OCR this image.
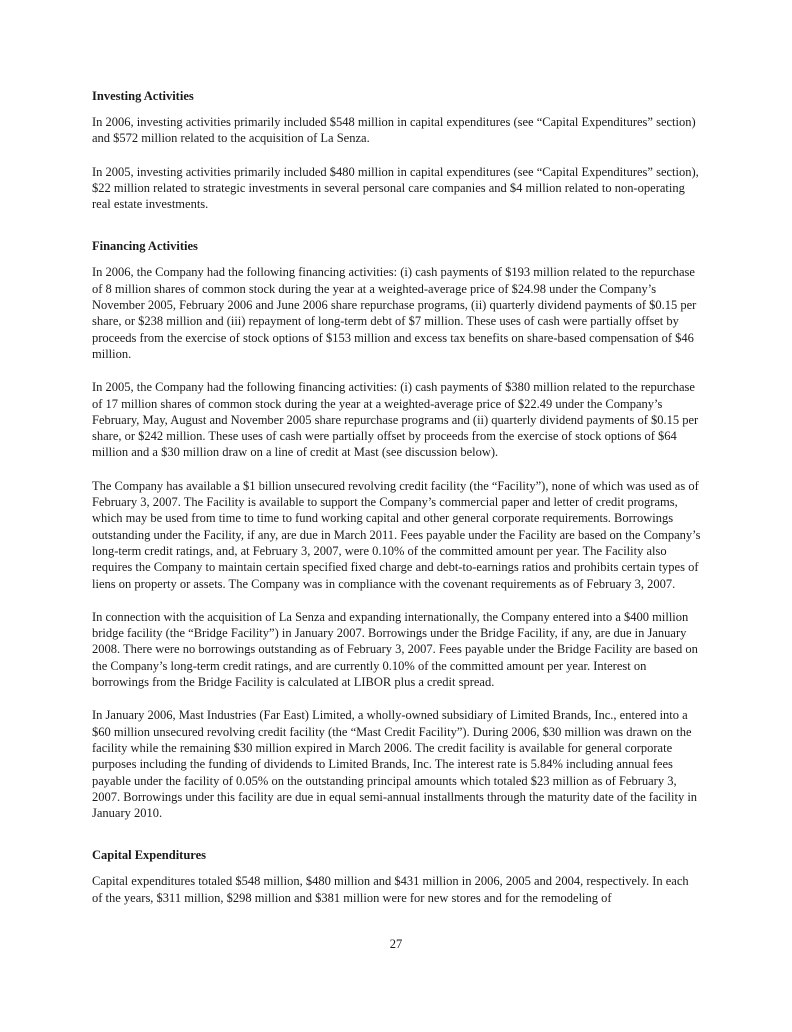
Investing Activities

In 2006, investing activities primarily included $548 million in capital expenditures (see “Capital Expenditures” section) and $572 million related to the acquisition of La Senza.

In 2005, investing activities primarily included $480 million in capital expenditures (see “Capital Expenditures” section), $22 million related to strategic investments in several personal care companies and $4 million related to non-operating real estate investments.

Financing Activities

In 2006, the Company had the following financing activities: (i) cash payments of $193 million related to the repurchase of 8 million shares of common stock during the year at a weighted-average price of $24.98 under the Company’s November 2005, February 2006 and June 2006 share repurchase programs, (ii) quarterly dividend payments of $0.15 per share, or $238 million and (iii) repayment of long-term debt of $7 million. These uses of cash were partially offset by proceeds from the exercise of stock options of $153 million and excess tax benefits on share-based compensation of $46 million.

In 2005, the Company had the following financing activities: (i) cash payments of $380 million related to the repurchase of 17 million shares of common stock during the year at a weighted-average price of $22.49 under the Company’s February, May, August and November 2005 share repurchase programs and (ii) quarterly dividend payments of $0.15 per share, or $242 million. These uses of cash were partially offset by proceeds from the exercise of stock options of $64 million and a $30 million draw on a line of credit at Mast (see discussion below).

The Company has available a $1 billion unsecured revolving credit facility (the “Facility”), none of which was used as of February 3, 2007. The Facility is available to support the Company’s commercial paper and letter of credit programs, which may be used from time to time to fund working capital and other general corporate requirements. Borrowings outstanding under the Facility, if any, are due in March 2011. Fees payable under the Facility are based on the Company’s long-term credit ratings, and, at February 3, 2007, were 0.10% of the committed amount per year. The Facility also requires the Company to maintain certain specified fixed charge and debt-to-earnings ratios and prohibits certain types of liens on property or assets. The Company was in compliance with the covenant requirements as of February 3, 2007.

In connection with the acquisition of La Senza and expanding internationally, the Company entered into a $400 million bridge facility (the “Bridge Facility”) in January 2007. Borrowings under the Bridge Facility, if any, are due in January 2008. There were no borrowings outstanding as of February 3, 2007. Fees payable under the Bridge Facility are based on the Company’s long-term credit ratings, and are currently 0.10% of the committed amount per year. Interest on borrowings from the Bridge Facility is calculated at LIBOR plus a credit spread.

In January 2006, Mast Industries (Far East) Limited, a wholly-owned subsidiary of Limited Brands, Inc., entered into a $60 million unsecured revolving credit facility (the “Mast Credit Facility”). During 2006, $30 million was drawn on the facility while the remaining $30 million expired in March 2006. The credit facility is available for general corporate purposes including the funding of dividends to Limited Brands, Inc. The interest rate is 5.84% including annual fees payable under the facility of 0.05% on the outstanding principal amounts which totaled $23 million as of February 3, 2007. Borrowings under this facility are due in equal semi-annual installments through the maturity date of the facility in January 2010.

Capital Expenditures

Capital expenditures totaled $548 million, $480 million and $431 million in 2006, 2005 and 2004, respectively. In each of the years, $311 million, $298 million and $381 million were for new stores and for the remodeling of

27
